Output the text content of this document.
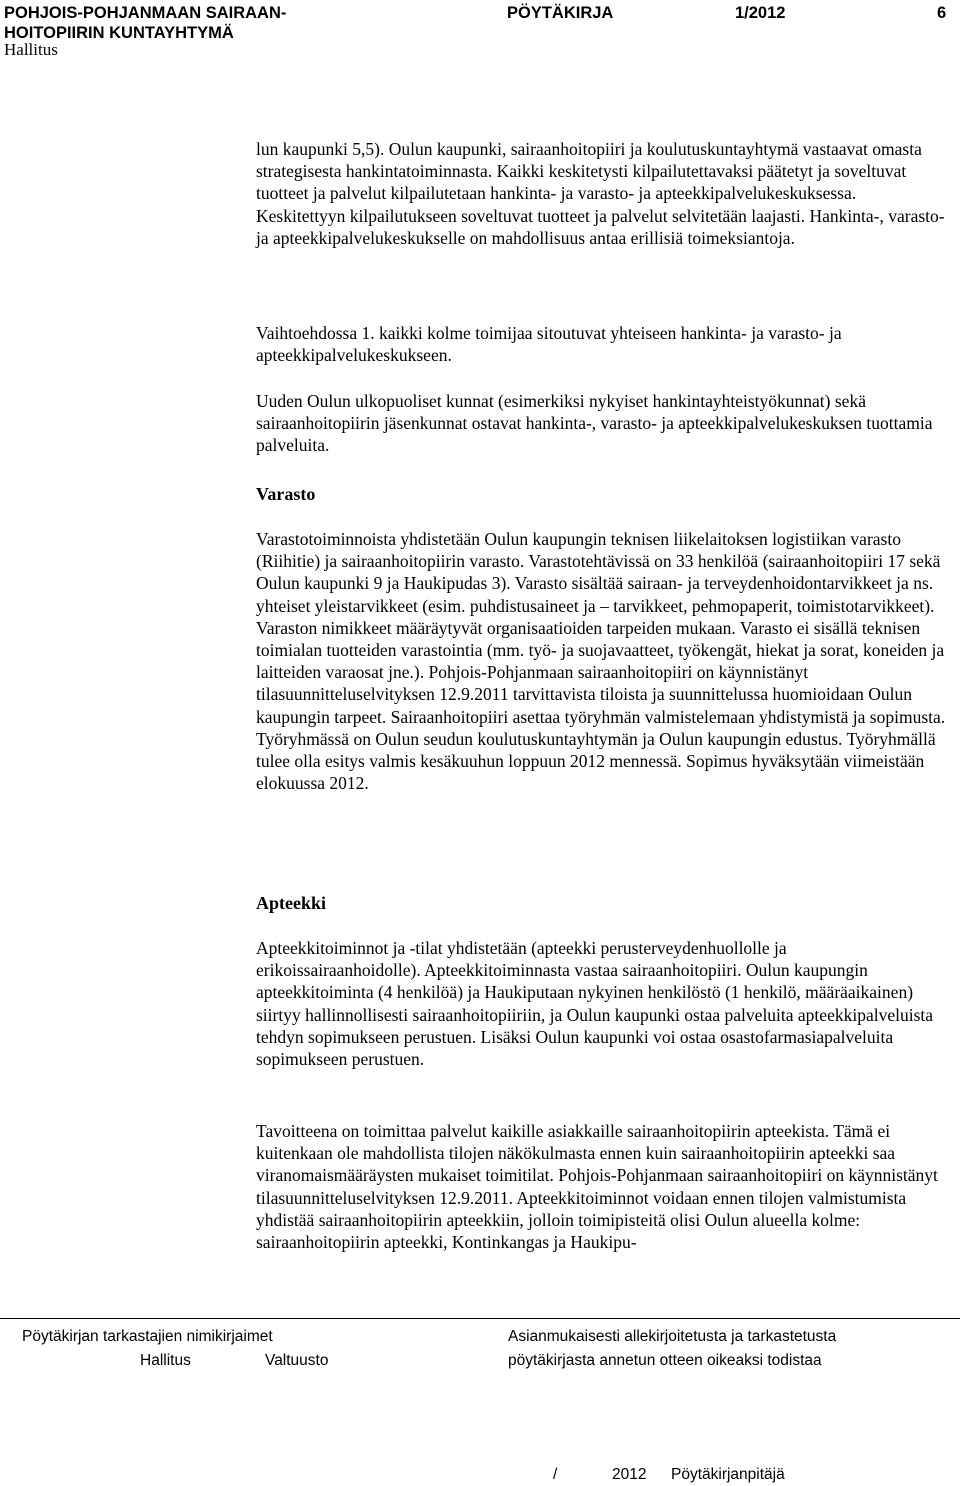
POHJOIS-POHJANMAAN SAIRAAN-
HOITOPIIRIN KUNTAYHTYMÄ
PÖYTÄKIRJA	1/2012	6
Hallitus

lun kaupunki 5,5). Oulun kaupunki, sairaanhoitopiiri ja koulutuskuntayhtymä vastaavat omasta strategisesta hankintatoiminnasta. Kaikki keskitetysti kilpailutettavaksi päätetyt ja soveltuvat tuotteet ja palvelut kilpailutetaan hankinta- ja varasto- ja apteekkipalvelukeskuksessa. Keskitettyyn kilpailutukseen soveltuvat tuotteet ja palvelut selvitetään laajasti. Hankinta-, varasto- ja apteekkipalvelukeskukselle on mahdollisuus antaa erillisiä toimeksiantoja.

Vaihtoehdossa 1. kaikki kolme toimijaa sitoutuvat yhteiseen hankinta- ja varasto- ja apteekkipalvelukeskukseen.

Uuden Oulun ulkopuoliset kunnat (esimerkiksi nykyiset hankintayhteistyökunnat) sekä sairaanhoitopiirin jäsenkunnat ostavat hankinta-, varasto- ja apteekkipalvelukeskuksen tuottamia palveluita.

Varasto

Varastotoiminnoista yhdistetään Oulun kaupungin teknisen liikelaitoksen logistiikan varasto (Riihitie) ja sairaanhoitopiirin varasto. Varastotehtävissä on 33 henkilöä (sairaanhoitopiiri 17 sekä Oulun kaupunki 9 ja Haukipudas 3). Varasto sisältää sairaan- ja terveydenhoidontarvikkeet ja ns. yhteiset yleistarvikkeet (esim. puhdistusaineet ja – tarvikkeet, pehmopaperit, toimistotarvikkeet). Varaston nimikkeet määräytyvät organisaatioiden tarpeiden mukaan. Varasto ei sisällä teknisen toimialan tuotteiden varastointia (mm. työ- ja suojavaatteet, työkengät, hiekat ja sorat, koneiden ja laitteiden varaosat jne.). Pohjois-Pohjanmaan sairaanhoitopiiri on käynnistänyt tilasuunnitteluselvityksen 12.9.2011 tarvittavista tiloista ja suunnittelussa huomioidaan Oulun kaupungin tarpeet. Sairaanhoitopiiri asettaa työryhmän valmistelemaan yhdistymistä ja sopimusta. Työryhmässä on Oulun seudun koulutuskuntayhtymän ja Oulun kaupungin edustus. Työryhmällä tulee olla esitys valmis kesäkuuhun loppuun 2012 mennessä. Sopimus hyväksytään viimeistään elokuussa 2012.

Apteekki

Apteekkitoiminnot ja -tilat yhdistetään (apteekki perusterveydenhuollolle ja erikoissairaanhoidolle). Apteekkitoiminnasta vastaa sairaanhoitopiiri. Oulun kaupungin apteekkitoiminta (4 henkilöä) ja Haukiputaan nykyinen henkilöstö (1 henkilö, määräaikainen) siirtyy hallinnollisesti sairaanhoitopiiriin, ja Oulun kaupunki ostaa palveluita apteekkipalveluista tehdyn sopimukseen perustuen. Lisäksi Oulun kaupunki voi ostaa osastofarmasiapalveluita sopimukseen perustuen.

Tavoitteena on toimittaa palvelut kaikille asiakkaille sairaanhoitopiirin apteekista. Tämä ei kuitenkaan ole mahdollista tilojen näkökulmasta ennen kuin sairaanhoitopiirin apteekki saa viranomaismääräysten mukaiset toimitilat. Pohjois-Pohjanmaan sairaanhoitopiiri on käynnistänyt tilasuunnitteluselvityksen 12.9.2011. Apteekkitoiminnot voidaan ennen tilojen valmistumista yhdistää sairaanhoitopiirin apteekkiin, jolloin toimipisteitä olisi Oulun alueella kolme: sairaanhoitopiirin apteekki, Kontinkangas ja Haukipu-

Pöytäkirjan tarkastajien nimikirjaimet
Hallitus	Valtuusto
Asianmukaisesti allekirjoitetusta ja tarkastetusta
pöytäkirjasta annetun otteen oikeaksi todistaa
/	2012 Pöytäkirjanpitäjä
